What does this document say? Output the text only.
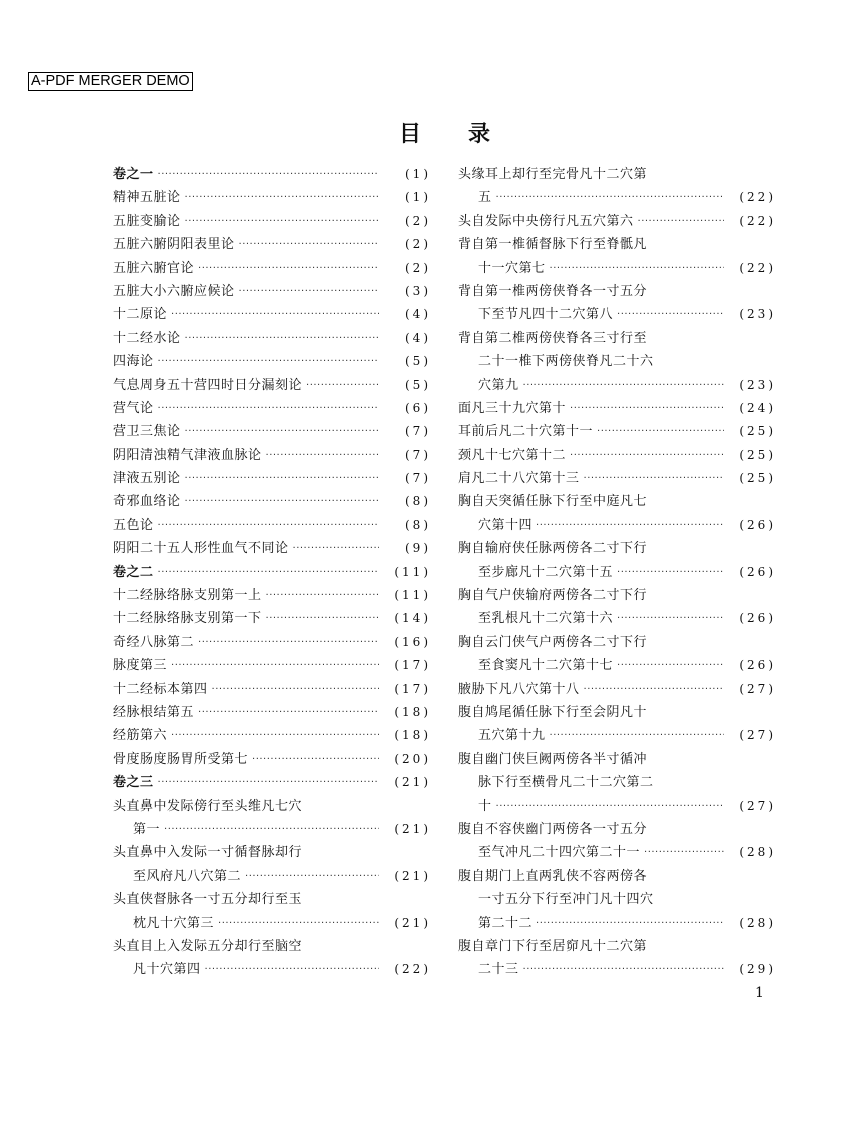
A-PDF MERGER DEMO
目 录
卷之一 ·····	(1)
精神五脏论 ·····	(1)
五脏变腧论 ·····	(2)
五脏六腑阴阳表里论 ·····	(2)
五脏六腑官论 ·····	(2)
五脏大小六腑应候论 ·····	(3)
十二原论 ·····	(4)
十二经水论 ·····	(4)
四海论 ·····	(5)
气息周身五十营四时日分漏刻论 ·····	(5)
营气论 ·····	(6)
营卫三焦论 ·····	(7)
阴阳清浊精气津液血脉论 ·····	(7)
津液五别论 ·····	(7)
奇邪血络论 ·····	(8)
五色论 ·····	(8)
阴阳二十五人形性血气不同论 ·····	(9)
卷之二 ·····	(11)
十二经脉络脉支别第一上 ·····	(11)
十二经脉络脉支别第一下 ·····	(14)
奇经八脉第二 ·····	(16)
脉度第三 ·····	(17)
十二经标本第四 ·····	(17)
经脉根结第五 ·····	(18)
经筋第六 ·····	(18)
骨度肠度肠胃所受第七 ·····	(20)
卷之三 ·····	(21)
头直鼻中发际傍行至头维凡七穴
第一 ·····	(21)
头直鼻中入发际一寸循督脉却行
至风府凡八穴第二 ·····	(21)
头直侠督脉各一寸五分却行至玉
枕凡十穴第三 ·····	(21)
头直目上入发际五分却行至脑空
凡十穴第四 ·····	(22)
头缘耳上却行至完骨凡十二穴第
五 ·····	(22)
头自发际中央傍行凡五穴第六 ·····	(22)
背自第一椎循督脉下行至脊骶凡
十一穴第七 ·····	(22)
背自第一椎两傍侠脊各一寸五分
下至节凡四十二穴第八 ·····	(23)
背自第二椎两傍侠脊各三寸行至
二十一椎下两傍侠脊凡二十六
穴第九 ·····	(23)
面凡三十九穴第十 ·····	(24)
耳前后凡二十穴第十一 ·····	(25)
颈凡十七穴第十二 ·····	(25)
肩凡二十八穴第十三 ·····	(25)
胸自天突循任脉下行至中庭凡七
穴第十四 ·····	(26)
胸自输府侠任脉两傍各二寸下行
至步廊凡十二穴第十五 ·····	(26)
胸自气户侠输府两傍各二寸下行
至乳根凡十二穴第十六 ·····	(26)
胸自云门侠气户两傍各二寸下行
至食窦凡十二穴第十七 ·····	(26)
腋胁下凡八穴第十八 ·····	(27)
腹自鸠尾循任脉下行至会阴凡十
五穴第十九 ·····	(27)
腹自幽门侠巨阙两傍各半寸循冲
脉下行至横骨凡二十二穴第二
十 ·····	(27)
腹自不容侠幽门两傍各一寸五分
至气冲凡二十四穴第二十一 ·····	(28)
腹自期门上直两乳侠不容两傍各
一寸五分下行至冲门凡十四穴
第二十二 ·····	(28)
腹自章门下行至居窌凡十二穴第
二十三 ·····	(29)
1
